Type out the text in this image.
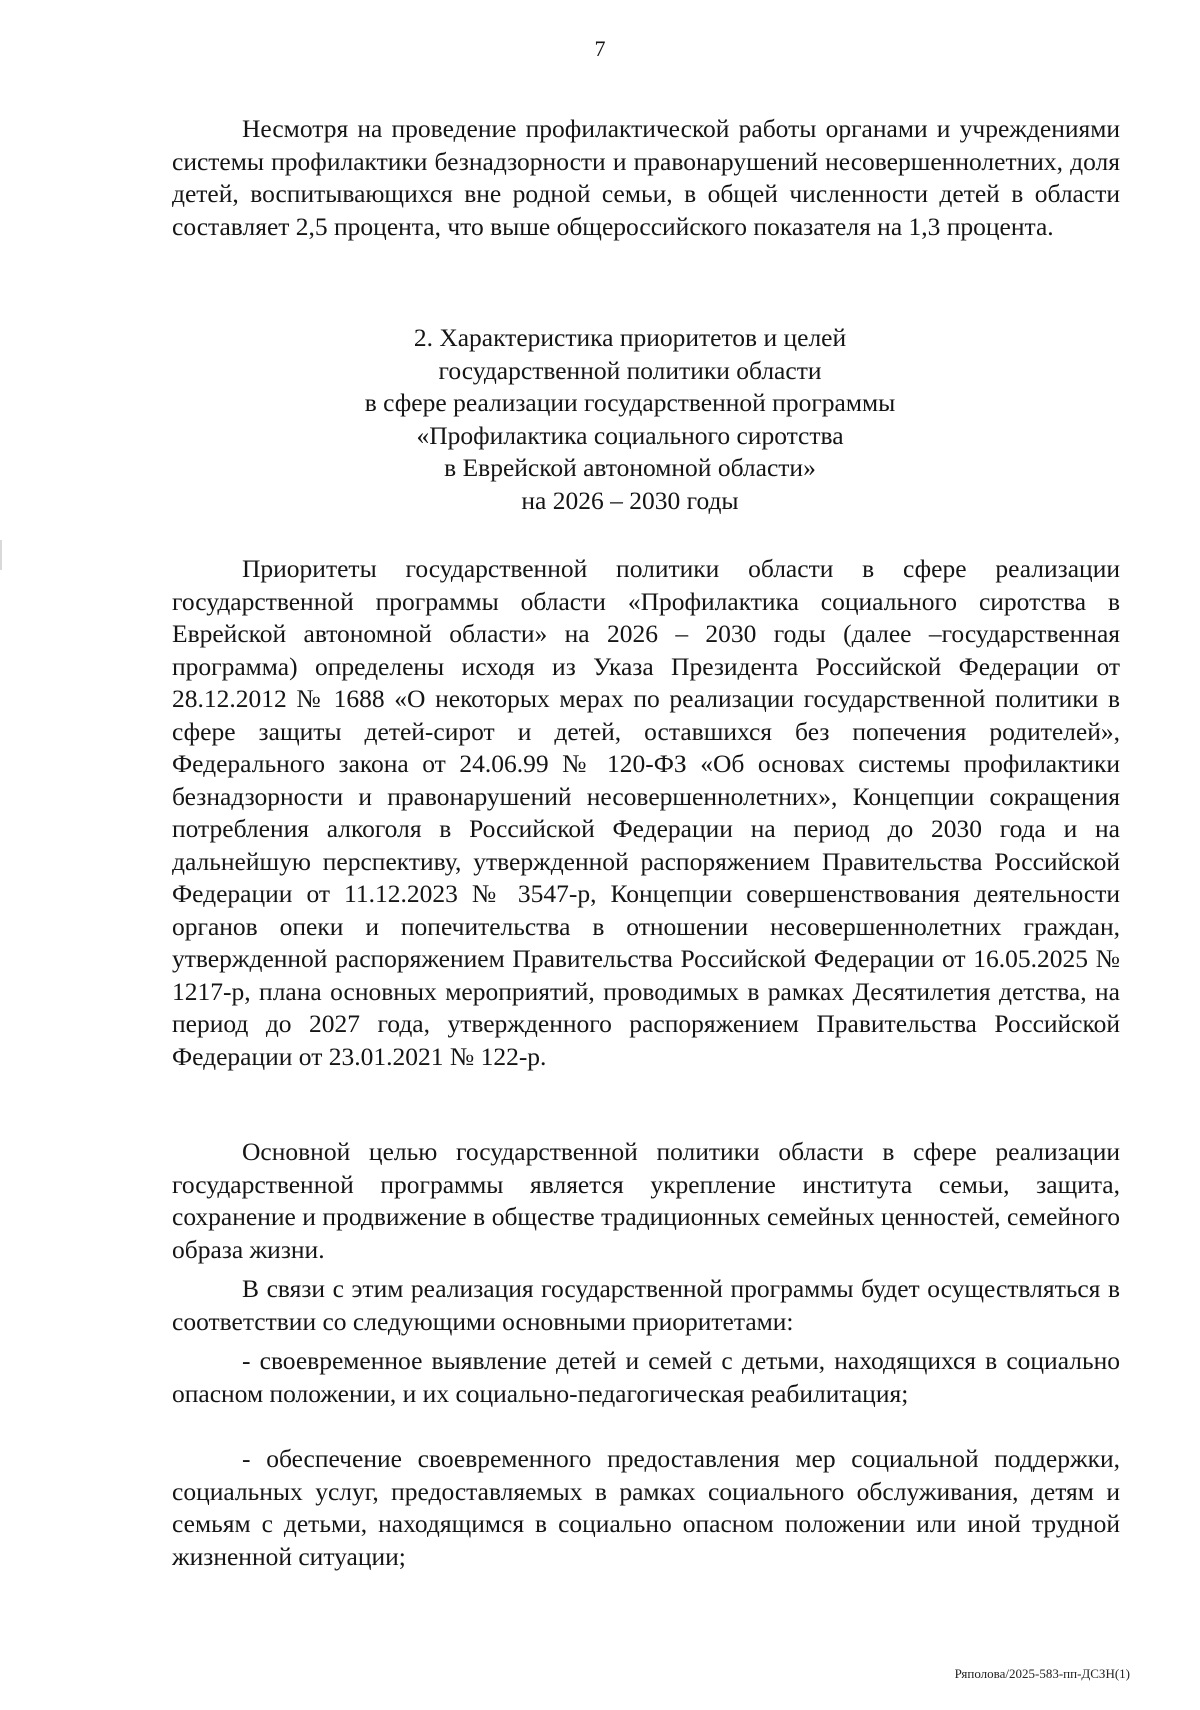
7

Несмотря на проведение профилактической работы органами и учреждениями системы профилактики безнадзорности и правонарушений несовершеннолетних, доля детей, воспитывающихся вне родной семьи, в общей численности детей в области составляет 2,5 процента, что выше общероссийского показателя на 1,3 процента.

2. Характеристика приоритетов и целей
государственной политики области
в сфере реализации государственной программы
«Профилактика социального сиротства
в Еврейской автономной области»
на 2026 – 2030 годы

Приоритеты государственной политики области в сфере реализации государственной программы области «Профилактика социального сиротства в Еврейской автономной области» на 2026 – 2030 годы (далее –государственная программа) определены исходя из Указа Президента Российской Федерации от 28.12.2012 № 1688 «О некоторых мерах по реализации государственной политики в сфере защиты детей-сирот и детей, оставшихся без попечения родителей», Федерального закона от 24.06.99 № 120-ФЗ «Об основах системы профилактики безнадзорности и правонарушений несовершеннолетних», Концепции сокращения потребления алкоголя в Российской Федерации на период до 2030 года и на дальнейшую перспективу, утвержденной распоряжением Правительства Российской Федерации от 11.12.2023 № 3547-р, Концепции совершенствования деятельности органов опеки и попечительства в отношении несовершеннолетних граждан, утвержденной распоряжением Правительства Российской Федерации от 16.05.2025 № 1217-р, плана основных мероприятий, проводимых в рамках Десятилетия детства, на период до 2027 года, утвержденного распоряжением Правительства Российской Федерации от 23.01.2021 № 122-р.

Основной целью государственной политики области в сфере реализации государственной программы является укрепление института семьи, защита, сохранение и продвижение в обществе традиционных семейных ценностей, семейного образа жизни.

В связи с этим реализация государственной программы будет осуществляться в соответствии со следующими основными приоритетами:

- своевременное выявление детей и семей с детьми, находящихся в социально опасном положении, и их социально-педагогическая реабилитация;

- обеспечение своевременного предоставления мер социальной поддержки, социальных услуг, предоставляемых в рамках социального обслуживания, детям и семьям с детьми, находящимся в социально опасном положении или иной трудной жизненной ситуации;

Ряполова/2025-583-пп-ДСЗН(1)
